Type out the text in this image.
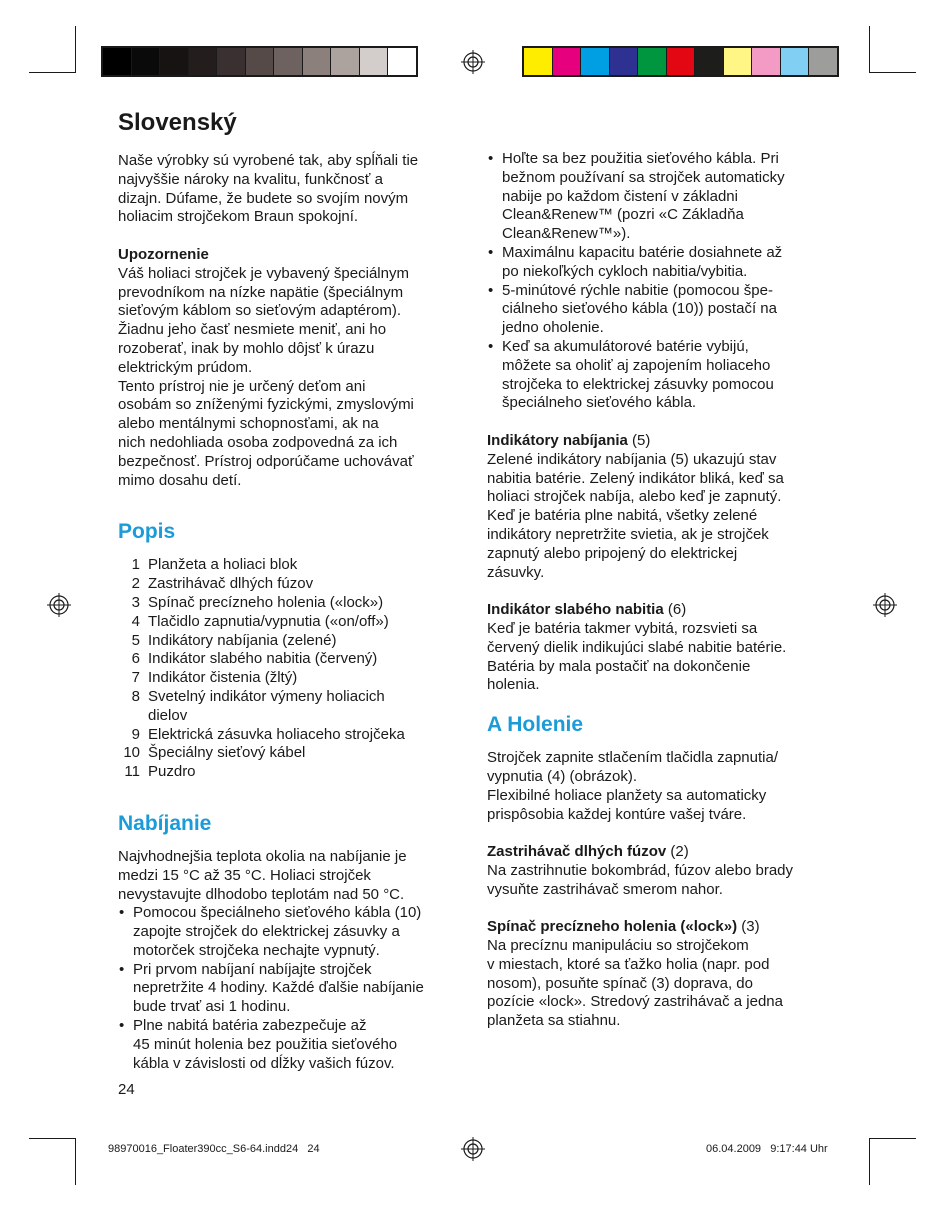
Slovenský

Naše výrobky sú vyrobené tak, aby spĺňali tie
najvyššie nároky na kvalitu, funkčnosť a
dizajn. Dúfame, že budete so svojím novým
holiacim strojčekom Braun spokojní.

Upozornenie

Váš holiaci strojček je vybavený špeciálnym
prevodníkom na nízke napätie (špeciálnym
sieťovým káblom so sieťovým adaptérom).
Žiadnu jeho časť nesmiete meniť, ani ho
rozoberať, inak by mohlo dôjsť k úrazu
elektrickým prúdom.
Tento prístroj nie je určený deťom ani
osobám so zníženými fyzickými, zmyslovými
alebo mentálnymi schopnosťami, ak na
nich nedohliada osoba zodpovedná za ich
bezpečnosť. Prístroj odporúčame uchovávať
mimo dosahu detí.

Popis
1 Planžeta a holiaci blok
2 Zastrihávač dlhých fúzov
3 Spínač precízneho holenia («lock»)
4 Tlačidlo zapnutia/vypnutia («on/off»)
5 Indikátory nabíjania (zelené)
6 Indikátor slabého nabitia (červený)
7 Indikátor čistenia (žltý)
8 Svetelný indikátor výmeny holiacich
dielov
9 Elektrická zásuvka holiaceho strojčeka
10 Špeciálny sieťový kábel
11 Puzdro
Nabíjanie

Najvhodnejšia teplota okolia na nabíjanie je
medzi 15 °C až 35 °C. Holiaci strojček
nevystavujte dlhodobo teplotám nad 50 °C.

• Pomocou špeciálneho sieťového kábla (10)
zapojte strojček do elektrickej zásuvky a
motorček strojčeka nechajte vypnutý.
• Pri prvom nabíjaní nabíjajte strojček
nepretržite 4 hodiny. Každé ďalšie nabíjanie
bude trvať asi 1 hodinu.
• Plne nabitá batéria zabezpečuje až
45 minút holenia bez použitia sieťového
kábla v závislosti od dĺžky vašich fúzov.
• Hoľte sa bez použitia sieťového kábla. Pri
bežnom používaní sa strojček automaticky
nabije po každom čistení v základni
Clean&Renew™ (pozri «C Základňa
Clean&Renew™»).
• Maximálnu kapacitu batérie dosiahnete až
po niekoľkých cykloch nabitia/vybitia.
• 5-minútové rýchle nabitie (pomocou špe-
ciálneho sieťového kábla (10)) postačí na
jedno oholenie.
• Keď sa akumulátorové batérie vybijú,
môžete sa oholiť aj zapojením holiaceho
strojčeka to elektrickej zásuvky pomocou
špeciálneho sieťového kábla.

Indikátory nabíjania (5)

Zelené indikátory nabíjania (5) ukazujú stav
nabitia batérie. Zelený indikátor bliká, keď sa
holiaci strojček nabíja, alebo keď je zapnutý.
Keď je batéria plne nabitá, všetky zelené
indikátory nepretržite svietia, ak je strojček
zapnutý alebo pripojený do elektrickej
zásuvky.

Indikátor slabého nabitia (6)

Keď je batéria takmer vybitá, rozsvieti sa
červený dielik indikujúci slabé nabitie batérie.
Batéria by mala postačiť na dokončenie
holenia.

A Holenie

Strojček zapnite stlačením tlačidla zapnutia/
vypnutia (4) (obrázok).
Flexibilné holiace planžety sa automaticky
prispôsobia každej kontúre vašej tváre.

Zastrihávač dlhých fúzov (2)

Na zastrihnutie bokombrád, fúzov alebo brady
vysuňte zastrihávač smerom nahor.

Spínač precízneho holenia («lock») (3)

Na precíznu manipuláciu so strojčekom
v miestach, ktoré sa ťažko holia (napr. pod
nosom), posuňte spínač (3) doprava, do
pozície «lock». Stredový zastrihávač a jedna
planžeta sa stiahnu.

24
98970016_Floater390cc_S6-64.indd24   24	06.04.2009   9:17:44 Uhr
